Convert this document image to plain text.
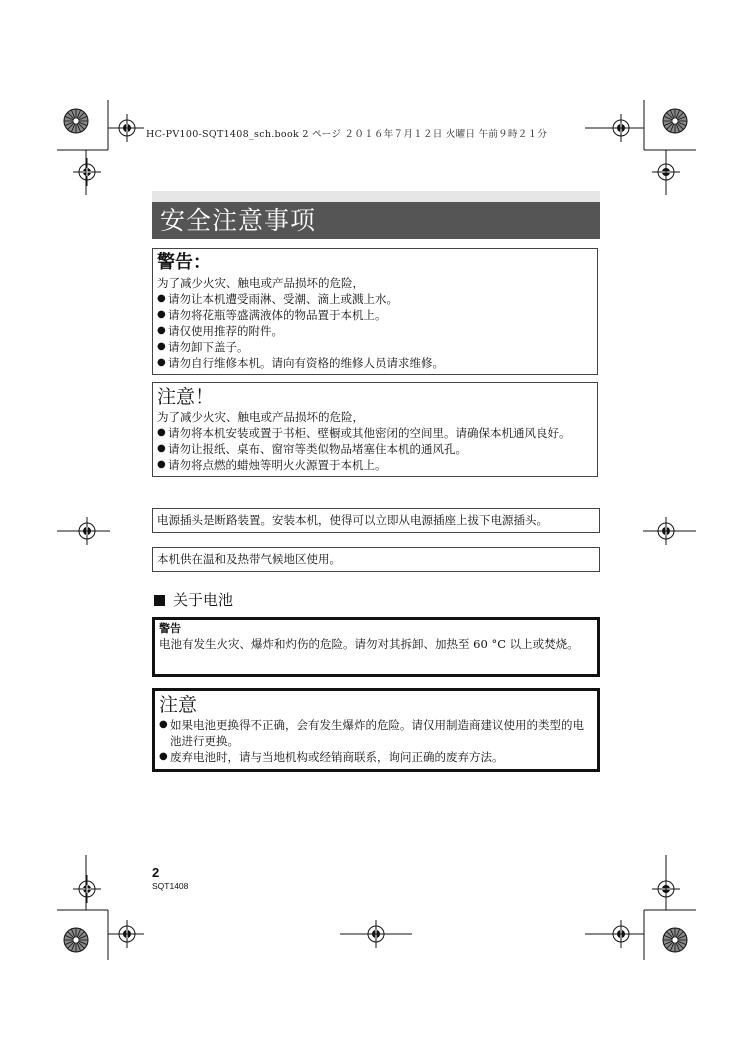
HC-PV100-SQT1408_sch.book 2 ページ ２０１６年７月１２日 火曜日 午前９時２１分
安全注意事项

警告：

为了减少火灾、触电或产品损坏的危险，

● 请勿让本机遭受雨淋、受潮、滴上或溅上水。
● 请勿将花瓶等盛满液体的物品置于本机上。
● 请仅使用推荐的附件。
● 请勿卸下盖子。
● 请勿自行维修本机。请向有资格的维修人员请求维修。

注意！

为了减少火灾、触电或产品损坏的危险，

● 请勿将本机安装或置于书柜、壁橱或其他密闭的空间里。请确保本机通风良好。
● 请勿让报纸、桌布、窗帘等类似物品堵塞住本机的通风孔。
● 请勿将点燃的蜡烛等明火火源置于本机上。
电源插头是断路装置。安装本机，使得可以立即从电源插座上拔下电源插头。
本机供在温和及热带气候地区使用。
关于电池

警告

电池有发生火灾、爆炸和灼伤的危险。请勿对其拆卸、加热至 60 °C 以上或焚烧。

注意

● 如果电池更换得不正确，会有发生爆炸的危险。请仅用制造商建议使用的类型的电池进行更换。
● 废弃电池时，请与当地机构或经销商联系，询问正确的废弃方法。
2
SQT1408
